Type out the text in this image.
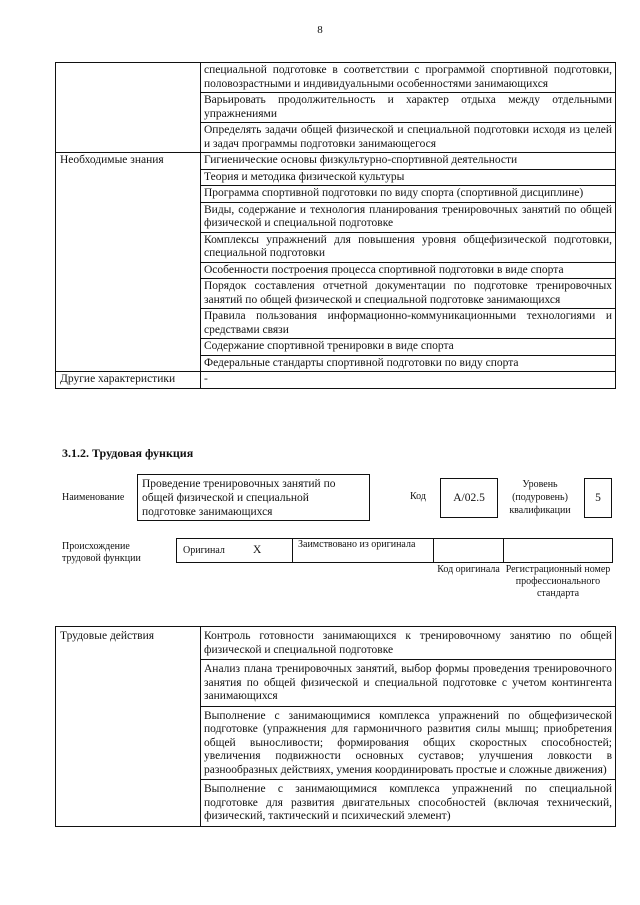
8
	специальной подготовке в соответствии с программой спортивной подготовки, половозрастными и индивидуальными особенностями занимающихся
	Варьировать продолжительность и характер отдыха между отдельными упражнениями
	Определять задачи общей физической и специальной подготовки исходя из целей и задач программы подготовки занимающегося
Необходимые знания	Гигиенические основы физкультурно-спортивной деятельности
	Теория и методика физической культуры
	Программа спортивной подготовки по виду спорта (спортивной дисциплине)
	Виды, содержание и технология планирования тренировочных занятий по общей физической и специальной подготовке
	Комплексы упражнений для повышения уровня общефизической подготовки, специальной подготовки
	Особенности построения процесса спортивной подготовки в виде спорта
	Порядок составления отчетной документации по подготовке тренировочных занятий по общей физической и специальной подготовке занимающихся
	Правила пользования информационно-коммуникационными технологиями и средствами связи
	Содержание спортивной тренировки в виде спорта
	Федеральные стандарты спортивной подготовки по виду спорта
Другие характеристики	-
3.1.2. Трудовая функция
Наименование
Проведение тренировочных занятий по общей физической и специальной подготовке занимающихся
Код	А/02.5
Уровень (подуровень) квалификации
5
Происхождение трудовой функции
Оригинал X	Заимствовано из оригинала
Код оригинала Регистрационный номер профессионального стандарта
Трудовые действия	Контроль готовности занимающихся к тренировочному занятию по общей физической и специальной подготовке
Анализ плана тренировочных занятий, выбор формы проведения тренировочного занятия по общей физической и специальной подготовке с учетом контингента занимающихся
Выполнение с занимающимися комплекса упражнений по общефизической подготовке (упражнения для гармоничного развития силы мышц; приобретения общей выносливости; формирования общих скоростных способностей; увеличения подвижности основных суставов; улучшения ловкости в разнообразных действиях, умения координировать простые и сложные движения)
Выполнение с занимающимися комплекса упражнений по специальной подготовке для развития двигательных способностей (включая технический, физический, тактический и психический элемент)
